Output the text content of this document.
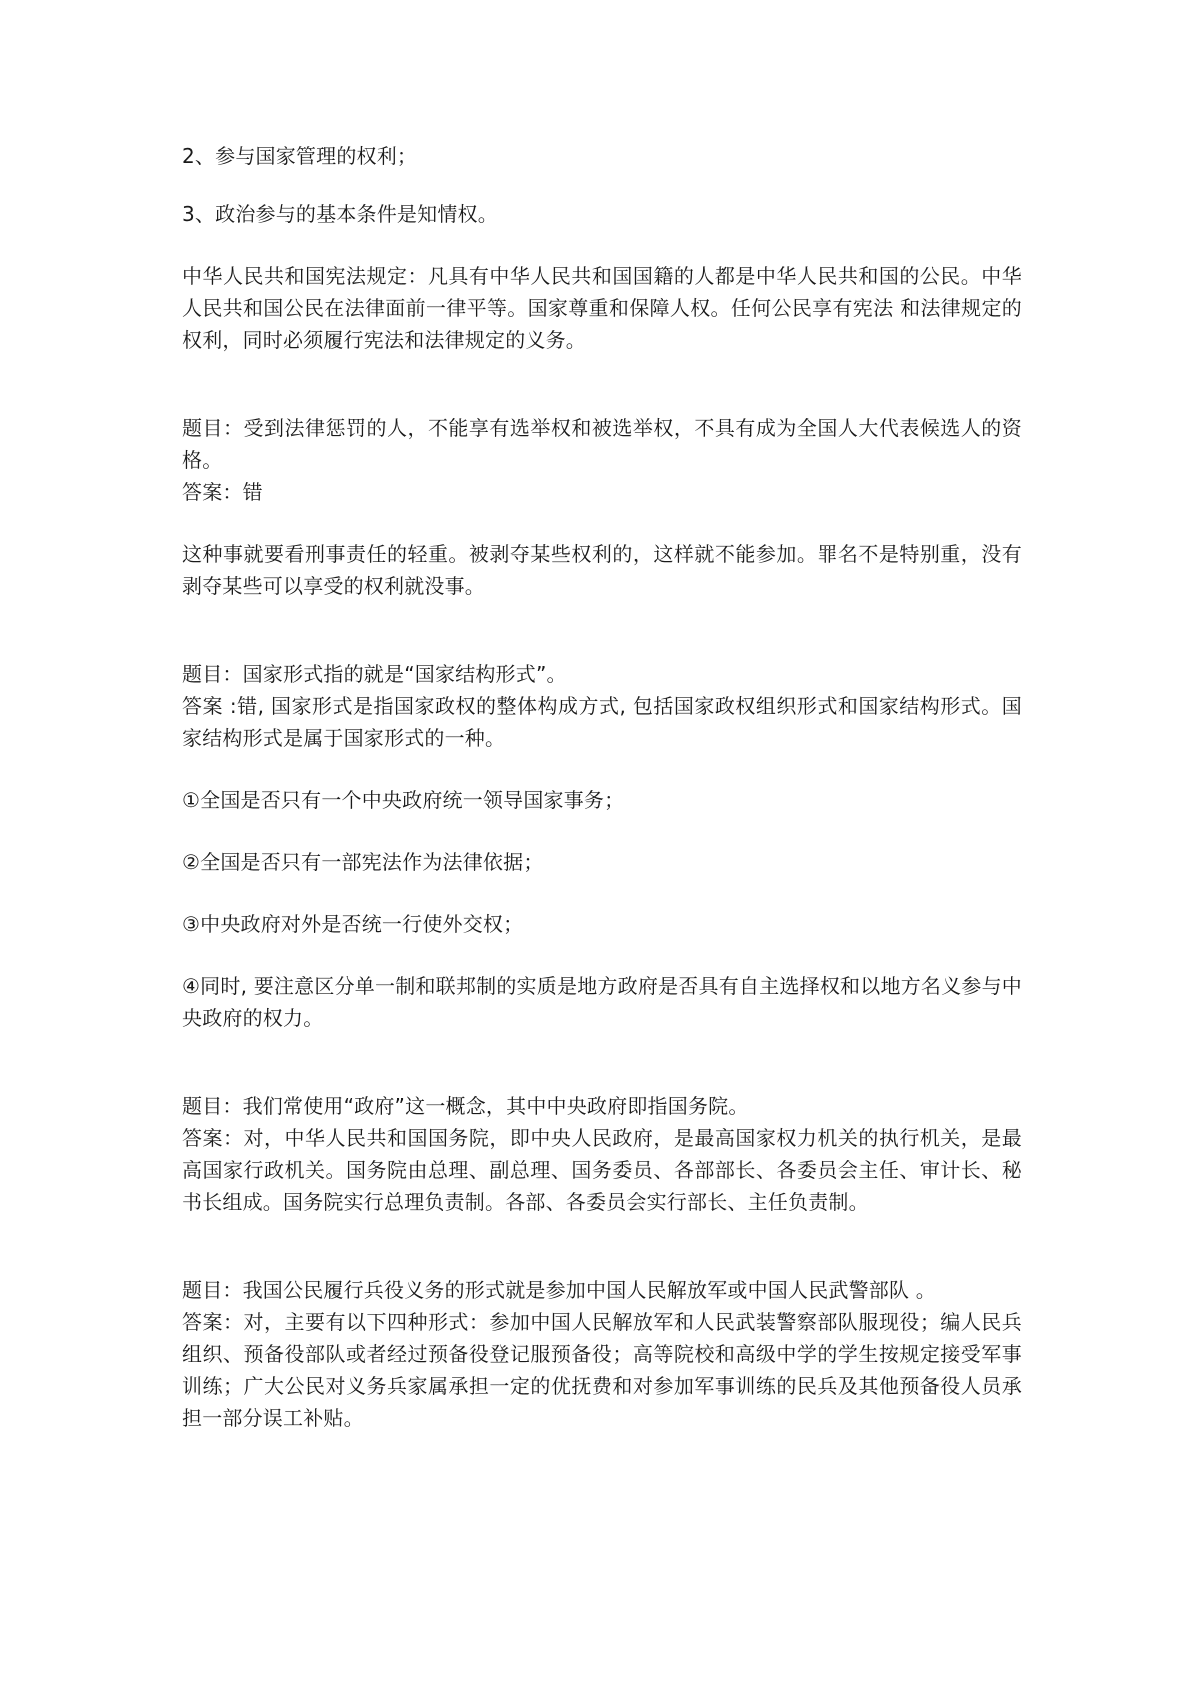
2、参与国家管理的权利；

3、政治参与的基本条件是知情权。

中华人民共和国宪法规定：凡具有中华人民共和国国籍的人都是中华人民共和国的公民。中华人民共和国公民在法律面前一律平等。国家尊重和保障人权。任何公民享有宪法 和法律规定的权利，同时必须履行宪法和法律规定的义务。

题目：受到法律惩罚的人，不能享有选举权和被选举权，不具有成为全国人大代表候选人的资格。

答案：错

这种事就要看刑事责任的轻重。被剥夺某些权利的，这样就不能参加。罪名不是特别重，没有剥夺某些可以享受的权利就没事。

题目：国家形式指的就是“国家结构形式”。

答案 :错, 国家形式是指国家政权的整体构成方式, 包括国家政权组织形式和国家结构形式。国家结构形式是属于国家形式的一种。

①全国是否只有一个中央政府统一领导国家事务；

②全国是否只有一部宪法作为法律依据；

③中央政府对外是否统一行使外交权；

④同时, 要注意区分单一制和联邦制的实质是地方政府是否具有自主选择权和以地方名义参与中央政府的权力。

题目：我们常使用“政府”这一概念，其中中央政府即指国务院。

答案：对，中华人民共和国国务院，即中央人民政府，是最高国家权力机关的执行机关，是最高国家行政机关。国务院由总理、副总理、国务委员、各部部长、各委员会主任、审计长、秘书长组成。国务院实行总理负责制。各部、各委员会实行部长、主任负责制。

题目：我国公民履行兵役义务的形式就是参加中国人民解放军或中国人民武警部队 。

答案：对，主要有以下四种形式：参加中国人民解放军和人民武装警察部队服现役；编人民兵组织、预备役部队或者经过预备役登记服预备役；高等院校和高级中学的学生按规定接受军事训练；广大公民对义务兵家属承担一定的优抚费和对参加军事训练的民兵及其他预备役人员承担一部分误工补贴。
